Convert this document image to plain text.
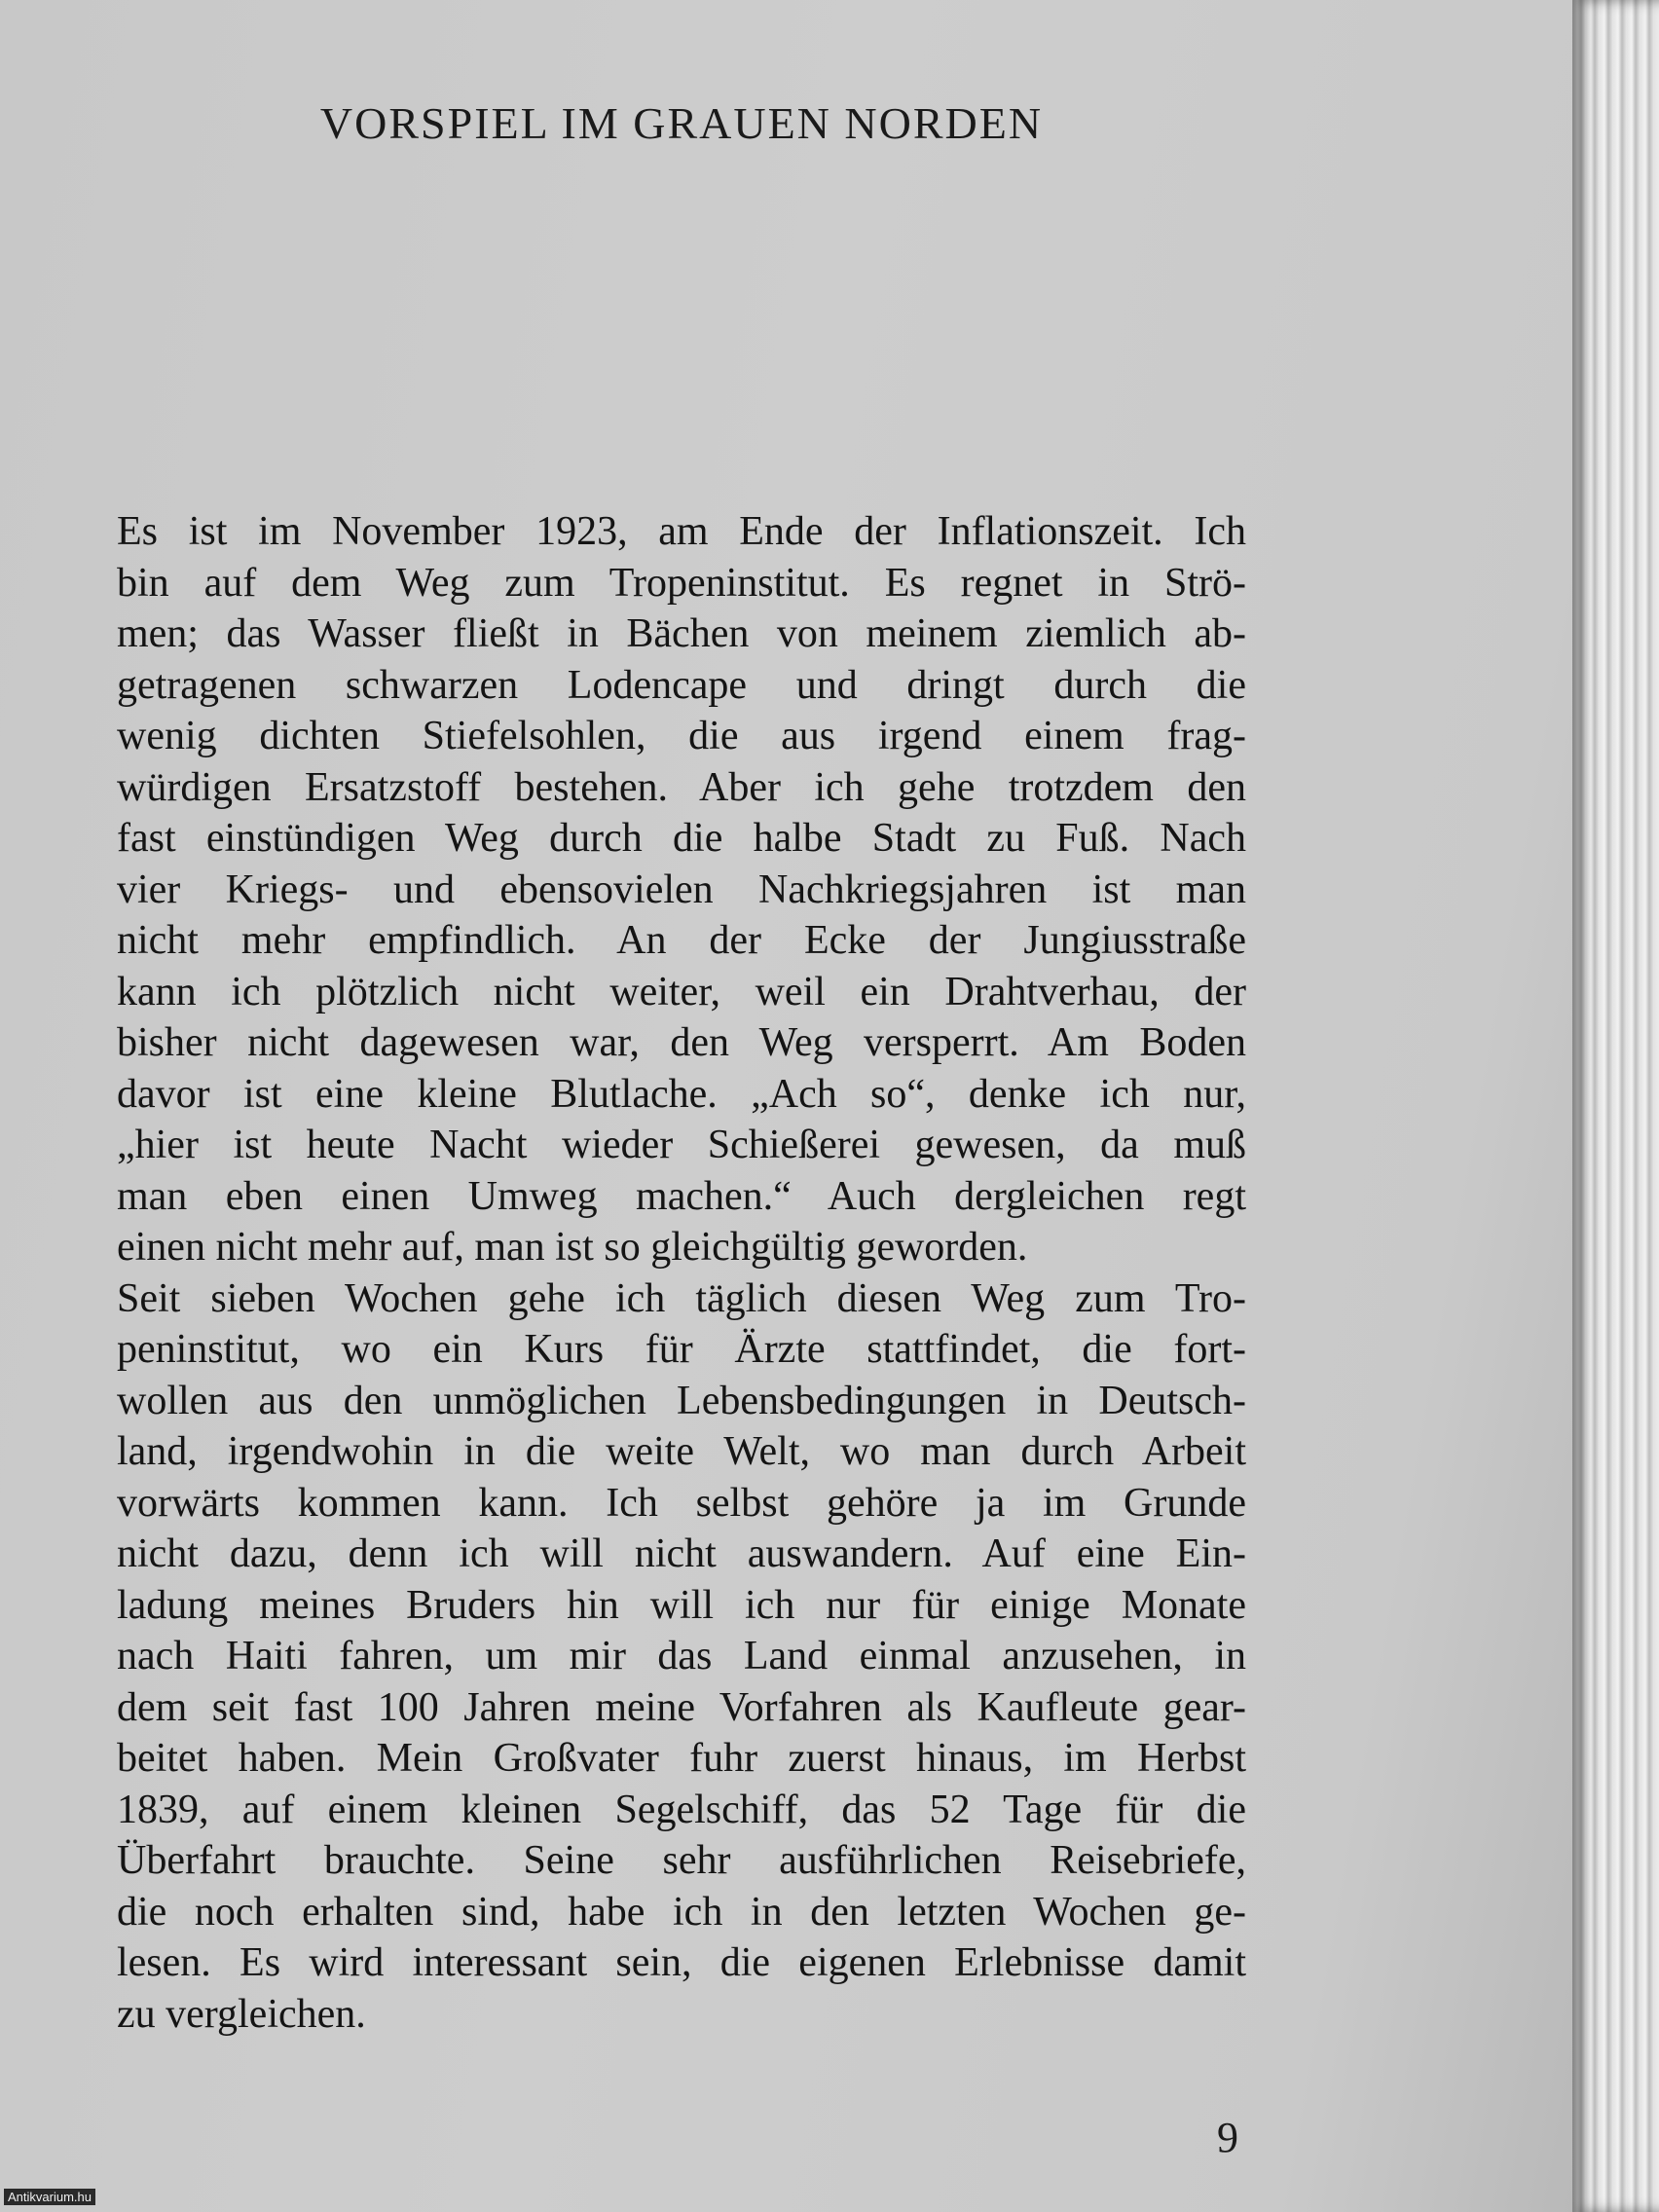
VORSPIEL IM GRAUEN NORDEN
Es ist im November 1923, am Ende der Inflationszeit. Ich
bin auf dem Weg zum Tropeninstitut. Es regnet in Strö-
men; das Wasser fließt in Bächen von meinem ziemlich ab-
getragenen schwarzen Lodencape und dringt durch die
wenig dichten Stiefelsohlen, die aus irgend einem frag-
würdigen Ersatzstoff bestehen. Aber ich gehe trotzdem den
fast einstündigen Weg durch die halbe Stadt zu Fuß. Nach
vier Kriegs- und ebensovielen Nachkriegsjahren ist man
nicht mehr empfindlich. An der Ecke der Jungiusstraße
kann ich plötzlich nicht weiter, weil ein Drahtverhau, der
bisher nicht dagewesen war, den Weg versperrt. Am Boden
davor ist eine kleine Blutlache. „Ach so“, denke ich nur,
„hier ist heute Nacht wieder Schießerei gewesen, da muß
man eben einen Umweg machen.“ Auch dergleichen regt
einen nicht mehr auf, man ist so gleichgültig geworden.
Seit sieben Wochen gehe ich täglich diesen Weg zum Tro-
peninstitut, wo ein Kurs für Ärzte stattfindet, die fort-
wollen aus den unmöglichen Lebensbedingungen in Deutsch-
land, irgendwohin in die weite Welt, wo man durch Arbeit
vorwärts kommen kann. Ich selbst gehöre ja im Grunde
nicht dazu, denn ich will nicht auswandern. Auf eine Ein-
ladung meines Bruders hin will ich nur für einige Monate
nach Haiti fahren, um mir das Land einmal anzusehen, in
dem seit fast 100 Jahren meine Vorfahren als Kaufleute gear-
beitet haben. Mein Großvater fuhr zuerst hinaus, im Herbst
1839, auf einem kleinen Segelschiff, das 52 Tage für die
Überfahrt brauchte. Seine sehr ausführlichen Reisebriefe,
die noch erhalten sind, habe ich in den letzten Wochen ge-
lesen. Es wird interessant sein, die eigenen Erlebnisse damit
zu vergleichen.
9
Antikvarium.hu
